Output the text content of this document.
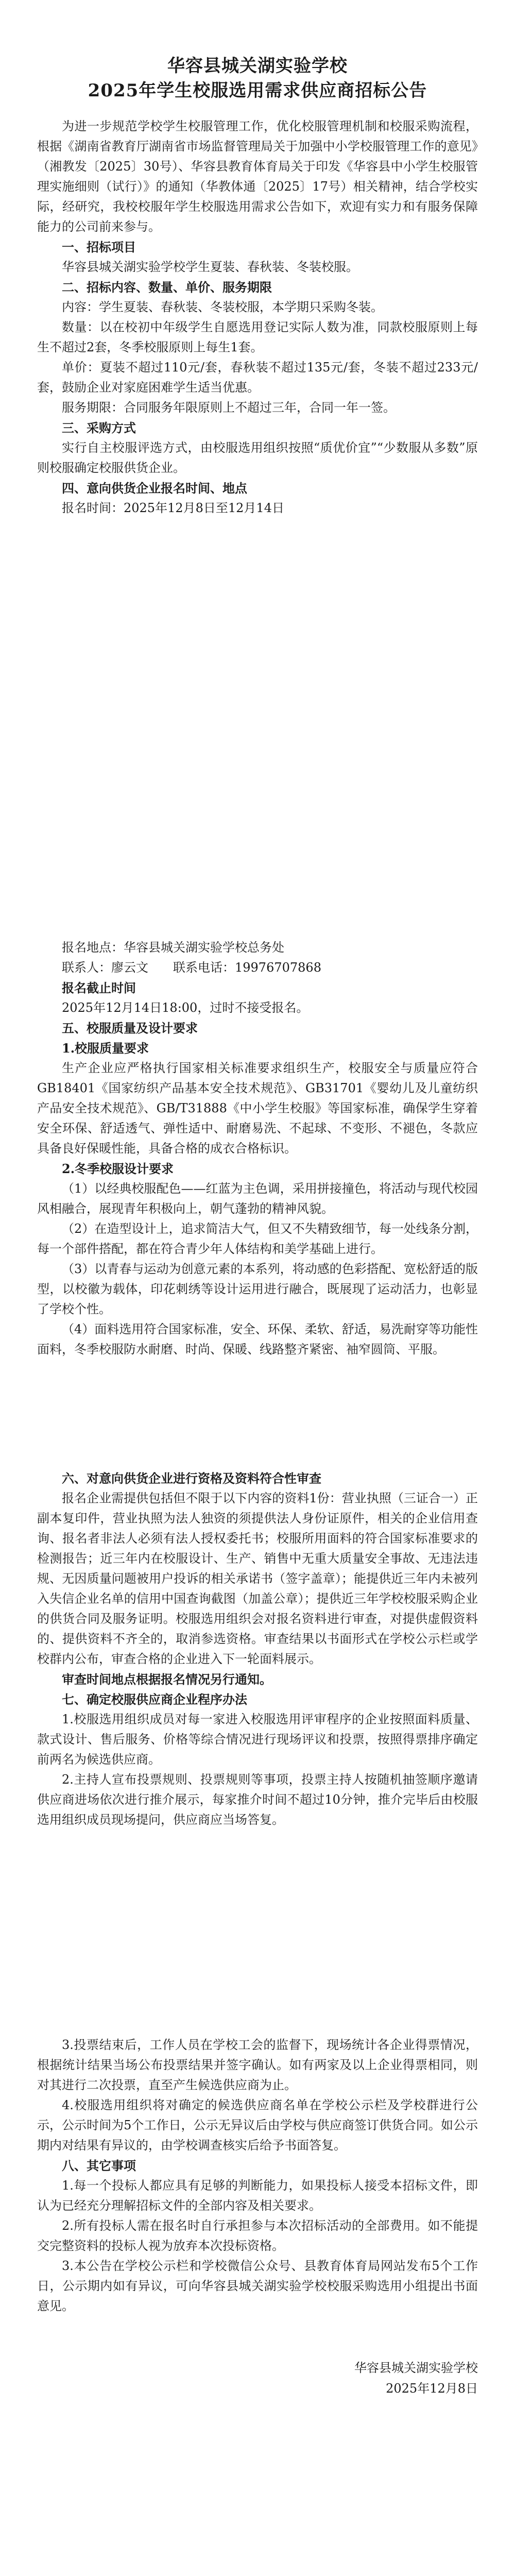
华容县城关湖实验学校

2025年学生校服选用需求供应商招标公告

为进一步规范学校学生校服管理工作，优化校服管理机制和校服采购流程，根据《湖南省教育厅湖南省市场监督管理局关于加强中小学校服管理工作的意见》（湘教发〔2025〕30号）、华容县教育体育局关于印发《华容县中小学生校服管理实施细则（试行）》的通知（华教体通〔2025〕17号）相关精神，结合学校实际，经研究，我校校服年学生校服选用需求公告如下，欢迎有实力和有服务保障能力的公司前来参与。

一、招标项目

华容县城关湖实验学校学生夏装、春秋装、冬装校服。

二、招标内容、数量、单价、服务期限

内容：学生夏装、春秋装、冬装校服，本学期只采购冬装。

数量：以在校初中年级学生自愿选用登记实际人数为准，同款校服原则上每生不超过2套，冬季校服原则上每生1套。

单价：夏装不超过110元/套，春秋装不超过135元/套，冬装不超过233元/套，鼓励企业对家庭困难学生适当优惠。

服务期限：合同服务年限原则上不超过三年，合同一年一签。

三、采购方式

实行自主校服评选方式，由校服选用组织按照“质优价宜”“少数服从多数”原则校服确定校服供货企业。

四、意向供货企业报名时间、地点

报名时间：2025年12月8日至12月14日

报名地点：华容县城关湖实验学校总务处

联系人：廖云文　　联系电话：19976707868

报名截止时间

2025年12月14日18:00，过时不接受报名。

五、校服质量及设计要求

1.校服质量要求

生产企业应严格执行国家相关标准要求组织生产，校服安全与质量应符合GB18401《国家纺织产品基本安全技术规范》、GB31701《婴幼儿及儿童纺织产品安全技术规范》、GB/T31888《中小学生校服》等国家标准，确保学生穿着安全环保、舒适透气、弹性适中、耐磨易洗、不起球、不变形、不褪色，冬款应具备良好保暖性能，具备合格的成衣合格标识。

2.冬季校服设计要求

（1）以经典校服配色——红蓝为主色调，采用拼接撞色，将活动与现代校园风相融合，展现青年积极向上，朝气蓬勃的精神风貌。

（2）在造型设计上，追求简洁大气，但又不失精致细节，每一处线条分割，每一个部件搭配，都在符合青少年人体结构和美学基础上进行。

（3）以青春与运动为创意元素的本系列，将动感的色彩搭配、宽松舒适的版型，以校徽为载体，印花刺绣等设计运用进行融合，既展现了运动活力，也彰显了学校个性。

（4）面料选用符合国家标准，安全、环保、柔软、舒适，易洗耐穿等功能性面料，冬季校服防水耐磨、时尚、保暖、线路整齐紧密、袖窄圆筒、平服。

六、对意向供货企业进行资格及资料符合性审查

报名企业需提供包括但不限于以下内容的资料1份：营业执照（三证合一）正副本复印件，营业执照为法人独资的须提供法人身份证原件，相关的企业信用查询、报名者非法人必须有法人授权委托书；校服所用面料的符合国家标准要求的检测报告；近三年内在校服设计、生产、销售中无重大质量安全事故、无违法违规、无因质量问题被用户投诉的相关承诺书（签字盖章）；能提供近三年内未被列入失信企业名单的信用中国查询截图（加盖公章）；提供近三年学校校服采购企业的供货合同及服务证明。校服选用组织会对报名资料进行审查，对提供虚假资料的、提供资料不齐全的，取消参选资格。审查结果以书面形式在学校公示栏或学校群内公布，审查合格的企业进入下一轮面料展示。

审查时间地点根据报名情况另行通知。

七、确定校服供应商企业程序办法

1.校服选用组织成员对每一家进入校服选用评审程序的企业按照面料质量、款式设计、售后服务、价格等综合情况进行现场评议和投票，按照得票排序确定前两名为候选供应商。

2.主持人宣布投票规则、投票规则等事项，投票主持人按随机抽签顺序邀请供应商进场依次进行推介展示，每家推介时间不超过10分钟，推介完毕后由校服选用组织成员现场提问，供应商应当场答复。

3.投票结束后，工作人员在学校工会的监督下，现场统计各企业得票情况，根据统计结果当场公布投票结果并签字确认。如有两家及以上企业得票相同，则对其进行二次投票，直至产生候选供应商为止。

4.校服选用组织将对确定的候选供应商名单在学校公示栏及学校群进行公示，公示时间为5个工作日，公示无异议后由学校与供应商签订供货合同。如公示期内对结果有异议的，由学校调查核实后给予书面答复。

八、其它事项

1.每一个投标人都应具有足够的判断能力，如果投标人接受本招标文件，即认为已经充分理解招标文件的全部内容及相关要求。

2.所有投标人需在报名时自行承担参与本次招标活动的全部费用。如不能提交完整资料的投标人视为放弃本次投标资格。

3.本公告在学校公示栏和学校微信公众号、县教育体育局网站发布5个工作日，公示期内如有异议，可向华容县城关湖实验学校校服采购选用小组提出书面意见。

华容县城关湖实验学校

2025年12月8日
